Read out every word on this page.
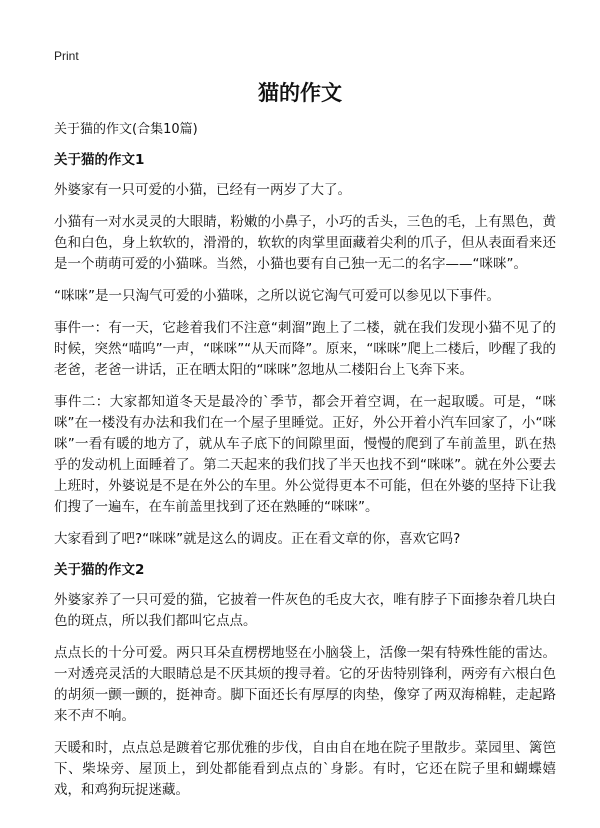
Print
猫的作文
关于猫的作文(合集10篇)
关于猫的作文1

外婆家有一只可爱的小猫，已经有一两岁了大了。

小猫有一对水灵灵的大眼睛，粉嫩的小鼻子，小巧的舌头，三色的毛，上有黑色，黄色和白色，身上软软的，滑滑的，软软的肉掌里面藏着尖利的爪子，但从表面看来还是一个萌萌可爱的小猫咪。当然，小猫也要有自己独一无二的名字——“咪咪”。

“咪咪”是一只淘气可爱的小猫咪，之所以说它淘气可爱可以参见以下事件。

事件一：有一天，它趁着我们不注意“刺溜”跑上了二楼，就在我们发现小猫不见了的时候，突然“喵呜”一声，“咪咪”“从天而降”。原来，“咪咪”爬上二楼后，吵醒了我的老爸，老爸一讲话，正在晒太阳的“咪咪”忽地从二楼阳台上飞奔下来。

事件二：大家都知道冬天是最冷的`季节，都会开着空调，在一起取暖。可是，“咪咪”在一楼没有办法和我们在一个屋子里睡觉。正好，外公开着小汽车回家了，小“咪咪”一看有暖的地方了，就从车子底下的间隙里面，慢慢的爬到了车前盖里，趴在热乎的发动机上面睡着了。第二天起来的我们找了半天也找不到“咪咪”。就在外公要去上班时，外婆说是不是在外公的车里。外公觉得更本不可能，但在外婆的坚持下让我们搜了一遍车，在车前盖里找到了还在熟睡的“咪咪”。

大家看到了吧?“咪咪”就是这么的调皮。正在看文章的你，喜欢它吗?

关于猫的作文2

外婆家养了一只可爱的猫，它披着一件灰色的毛皮大衣，唯有脖子下面掺杂着几块白色的斑点，所以我们都叫它点点。

点点长的十分可爱。两只耳朵直楞楞地竖在小脑袋上，活像一架有特殊性能的雷达。一对透亮灵活的大眼睛总是不厌其烦的搜寻着。它的牙齿特别锋利，两旁有六根白色的胡须一颤一颤的，挺神奇。脚下面还长有厚厚的肉垫，像穿了两双海棉鞋，走起路来不声不响。

天暖和时，点点总是踱着它那优雅的步伐，自由自在地在院子里散步。菜园里、篱笆下、柴垛旁、屋顶上，到处都能看到点点的`身影。有时，它还在院子里和蝴蝶嬉戏，和鸡狗玩捉迷藏。
